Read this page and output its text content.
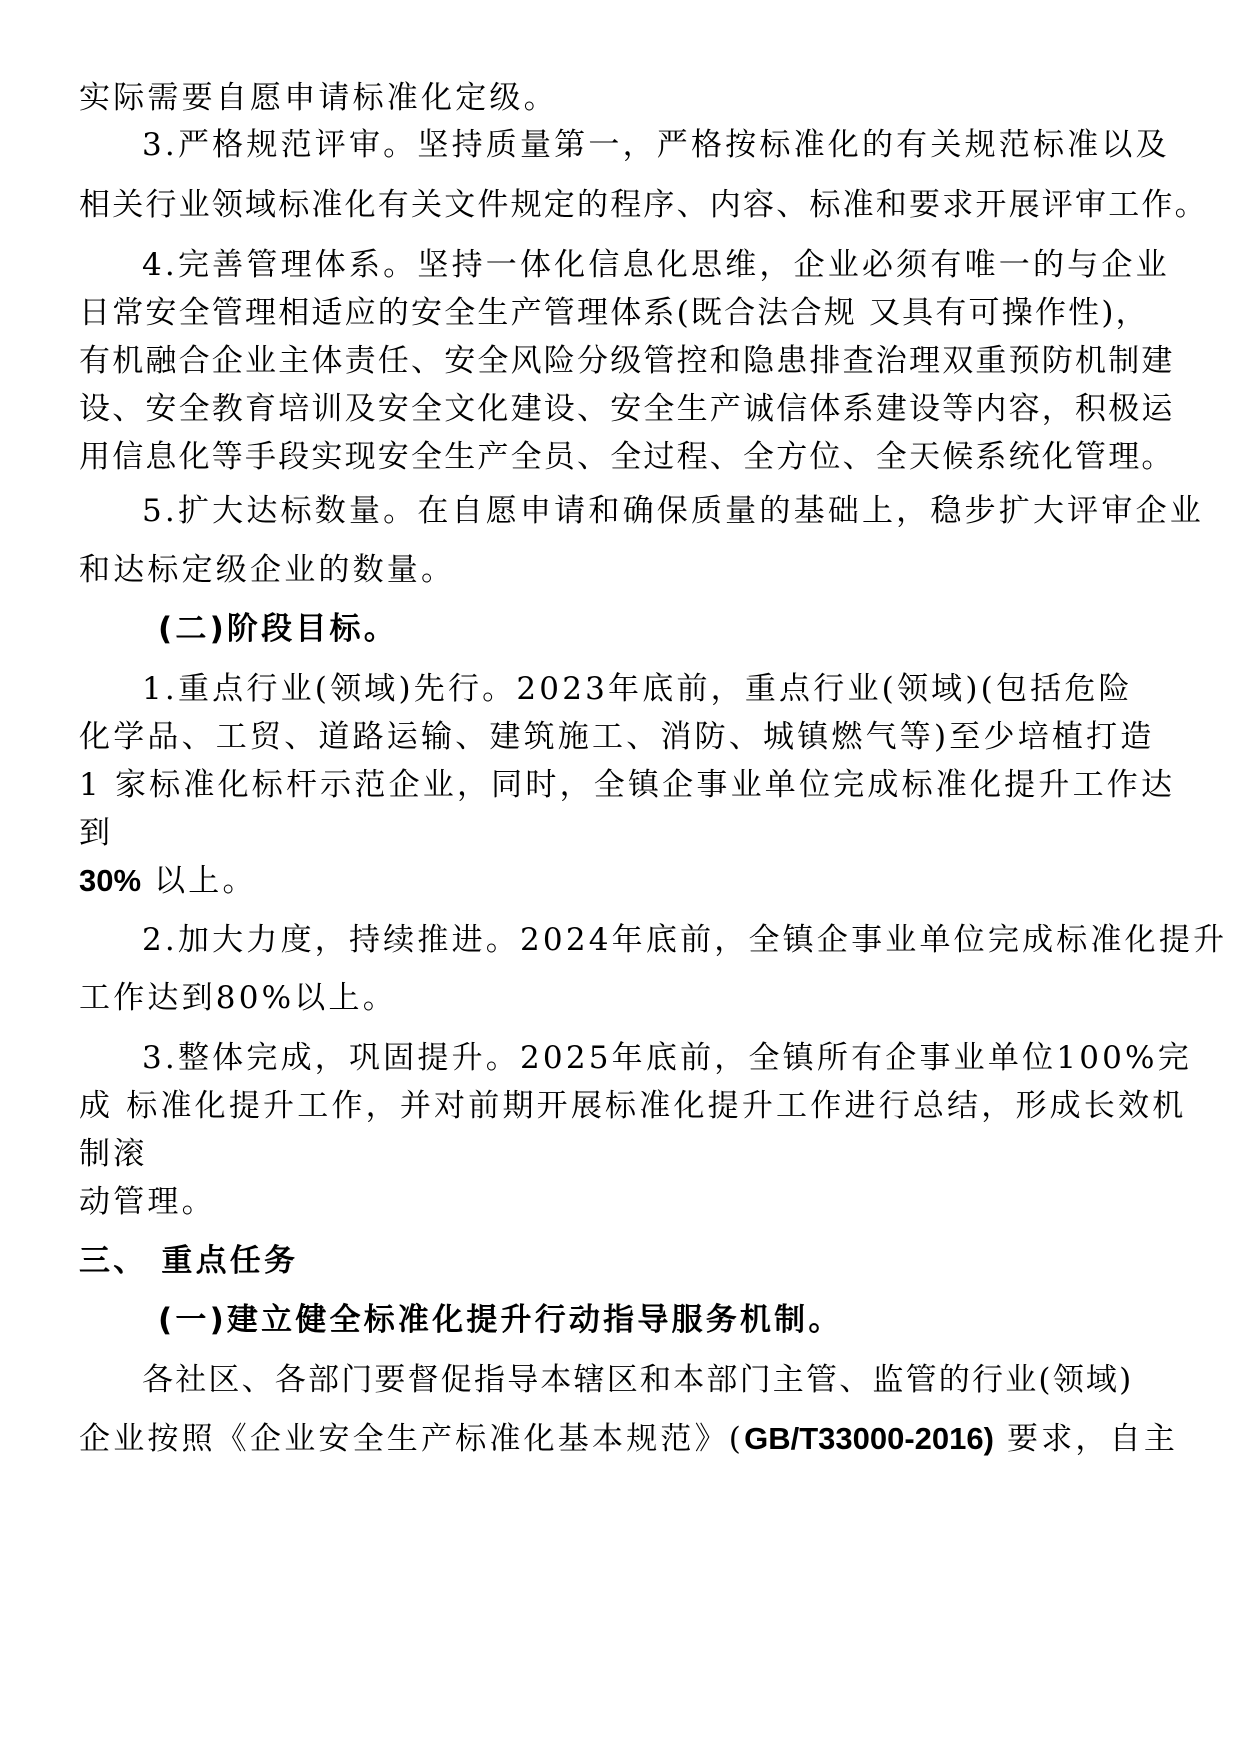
实际需要自愿申请标准化定级。
3.严格规范评审。坚持质量第一，严格按标准化的有关规范标准以及
相关行业领域标准化有关文件规定的程序、内容、标准和要求开展评审工作。
4.完善管理体系。坚持一体化信息化思维，企业必须有唯一的与企业
日常安全管理相适应的安全生产管理体系(既合法合规 又具有可操作性)，
有机融合企业主体责任、安全风险分级管控和隐患排查治理双重预防机制建
设、安全教育培训及安全文化建设、安全生产诚信体系建设等内容，积极运
用信息化等手段实现安全生产全员、全过程、全方位、全天候系统化管理。
5.扩大达标数量。在自愿申请和确保质量的基础上，稳步扩大评审企业
和达标定级企业的数量。
(二)阶段目标。
1.重点行业(领域)先行。2023年底前，重点行业(领域)(包括危险
化学品、工贸、道路运输、建筑施工、消防、城镇燃气等)至少培植打造
1 家标准化标杆示范企业，同时，全镇企事业单位完成标准化提升工作达
到
30% 以上。
2.加大力度，持续推进。2024年底前，全镇企事业单位完成标准化提升
工作达到80%以上。
3.整体完成，巩固提升。2025年底前，全镇所有企事业单位100%完
成 标准化提升工作，并对前期开展标准化提升工作进行总结，形成长效机
制滚
动管理。
三、 重点任务
(一)建立健全标准化提升行动指导服务机制。
各社区、各部门要督促指导本辖区和本部门主管、监管的行业(领域)
企业按照《企业安全生产标准化基本规范》(GB/T33000-2016) 要求，自主
